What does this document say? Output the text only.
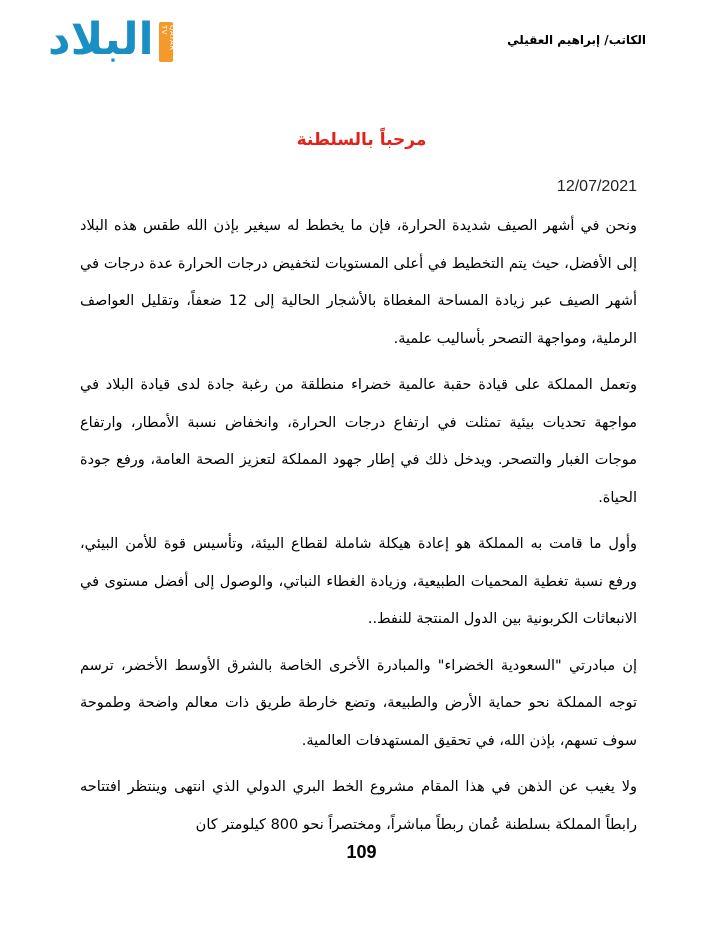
البلاد	QATAR TV
الكاتب/ إبراهيم العقيلي
مرحباً بالسلطنة
12/07/2021

ونحن في أشهر الصيف شديدة الحرارة، فإن ما يخطط له سيغير بإذن الله طقس هذه البلاد إلى الأفضل، حيث يتم التخطيط في أعلى المستويات لتخفيض درجات الحرارة عدة درجات في أشهر الصيف عبر زيادة المساحة المغطاة بالأشجار الحالية إلى 12 ضعفاً، وتقليل العواصف الرملية، ومواجهة التصحر بأساليب علمية.

وتعمل المملكة على قيادة حقبة عالمية خضراء منطلقة من رغبة جادة لدى قيادة البلاد في مواجهة تحديات بيئية تمثلت في ارتفاع درجات الحرارة، وانخفاض نسبة الأمطار، وارتفاع موجات الغبار والتصحر. ويدخل ذلك في إطار جهود المملكة لتعزيز الصحة العامة، ورفع جودة الحياة.

وأول ما قامت به المملكة هو إعادة هيكلة شاملة لقطاع البيئة، وتأسيس قوة للأمن البيئي، ورفع نسبة تغطية المحميات الطبيعية، وزيادة الغطاء النباتي، والوصول إلى أفضل مستوى في الانبعاثات الكربونية بين الدول المنتجة للنفط..

إن مبادرتي "السعودية الخضراء" والمبادرة الأخرى الخاصة بالشرق الأوسط الأخضر، ترسم توجه المملكة نحو حماية الأرض والطبيعة، وتضع خارطة طريق ذات معالم واضحة وطموحة سوف تسهم، بإذن الله، في تحقيق المستهدفات العالمية.

ولا يغيب عن الذهن في هذا المقام مشروع الخط البري الدولي الذي انتهى وينتظر افتتاحه رابطاً المملكة بسلطنة عُمان ربطاً مباشراً، ومختصراً نحو 800 كيلومتر كان

109
